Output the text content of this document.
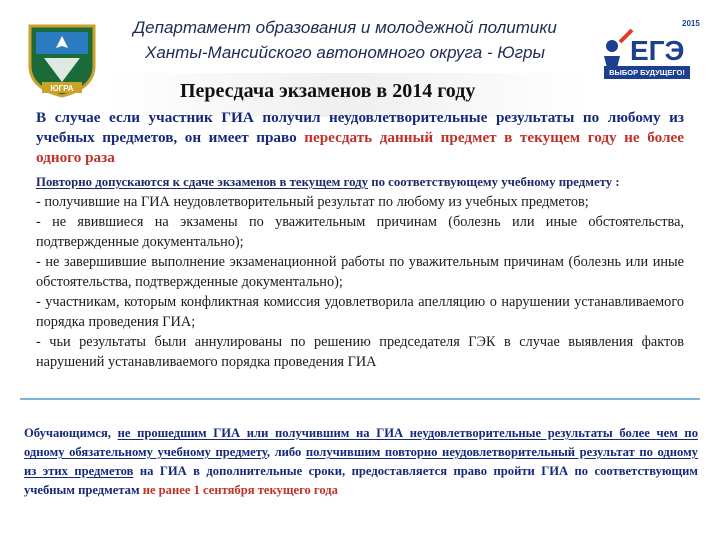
ЮГРА
Департамент образования и молодежной политики
Ханты-Мансийского автономного округа - Югры
2015
ЕГЭ
ВЫБОР БУДУЩЕГО!
Пересдача экзаменов в 2014 году
В случае если участник ГИА получил неудовлетворительные результаты по любому из учебных предметов, он имеет право пересдать данный предмет в текущем году не более одного раза

Повторно допускаются к сдаче экзаменов в текущем году по соответствующему учебному предмету :

- получившие на ГИА неудовлетворительный результат по любому из учебных предметов;

- не явившиеся на экзамены по уважительным причинам (болезнь или иные обстоятельства, подтвержденные документально);

- не завершившие выполнение экзаменационной работы по уважительным причинам (болезнь или иные обстоятельства, подтвержденные документально);

- участникам, которым конфликтная комиссия удовлетворила апелляцию о нарушении устанавливаемого порядка проведения ГИА;

- чьи результаты были аннулированы по решению председателя ГЭК в случае выявления фактов нарушений устанавливаемого порядка проведения ГИА

Обучающимся, не прошедшим ГИА или получившим на ГИА неудовлетворительные результаты более чем по одному обязательному учебному предмету, либо получившим повторно неудовлетворительный результат по одному из этих предметов на ГИА в дополнительные сроки, предоставляется право пройти ГИА по соответствующим учебным предметам не ранее 1 сентября текущего года
